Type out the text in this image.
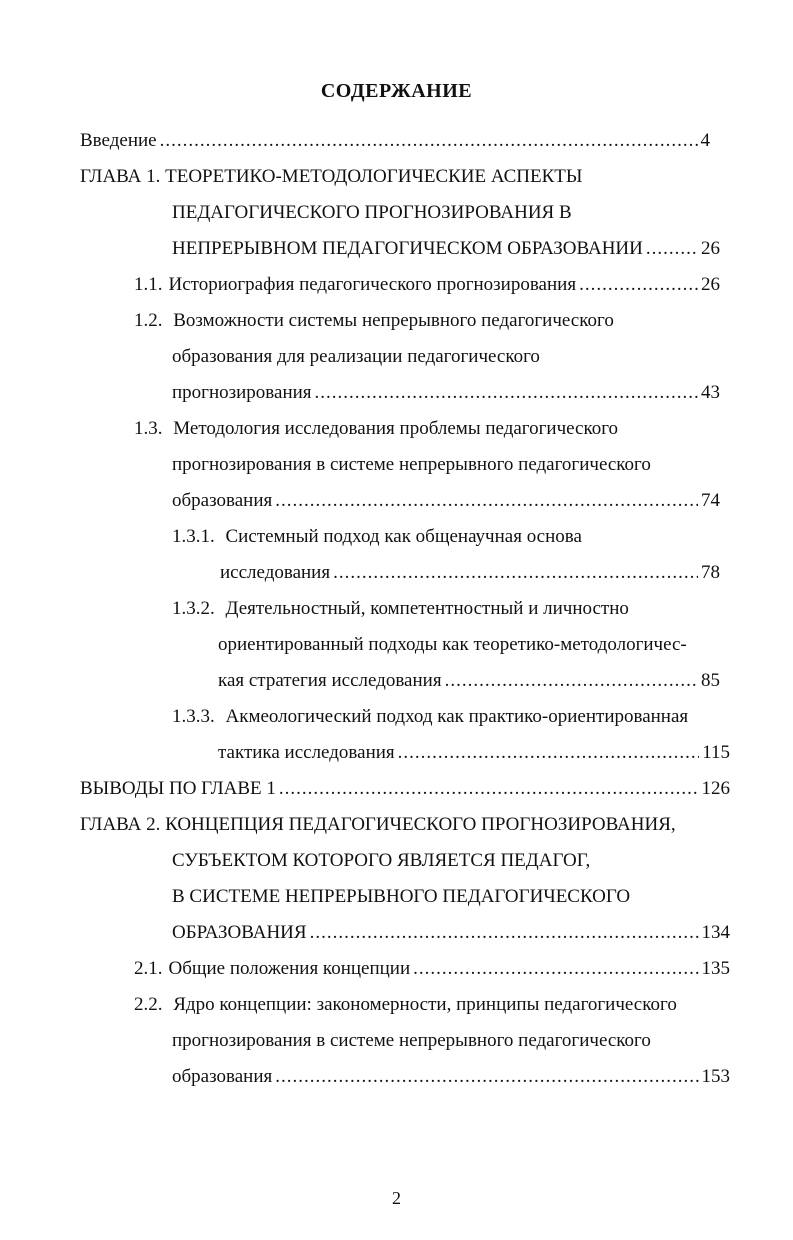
СОДЕРЖАНИЕ
Введение .....	4
ГЛАВА 1. ТЕОРЕТИКО-МЕТОДОЛОГИЧЕСКИЕ АСПЕКТЫ
ПЕДАГОГИЧЕСКОГО ПРОГНОЗИРОВАНИЯ В
НЕПРЕРЫВНОМ ПЕДАГОГИЧЕСКОМ ОБРАЗОВАНИИ .....	26
1.1. Историография педагогического прогнозирования .....	26
1.2. Возможности системы непрерывного педагогического
образования для реализации педагогического
прогнозирования .....	43
1.3. Методология исследования проблемы педагогического
прогнозирования в системе непрерывного педагогического
образования .....	74
1.3.1. Системный подход как общенаучная основа
исследования .....	78
1.3.2. Деятельностный, компетентностный и личностно
ориентированный подходы как теоретико-методологичес-
кая стратегия исследования .....	85
1.3.3. Акмеологический подход как практико-ориентированная
тактика исследования .....	115
ВЫВОДЫ ПО ГЛАВЕ 1 .....	126
ГЛАВА 2. КОНЦЕПЦИЯ ПЕДАГОГИЧЕСКОГО ПРОГНОЗИРОВАНИЯ,
СУБЪЕКТОМ КОТОРОГО ЯВЛЯЕТСЯ ПЕДАГОГ,
В СИСТЕМЕ НЕПРЕРЫВНОГО ПЕДАГОГИЧЕСКОГО
ОБРАЗОВАНИЯ .....	134
2.1. Общие положения концепции .....	135
2.2. Ядро концепции: закономерности, принципы педагогического
прогнозирования в системе непрерывного педагогического
образования .....	153
2
